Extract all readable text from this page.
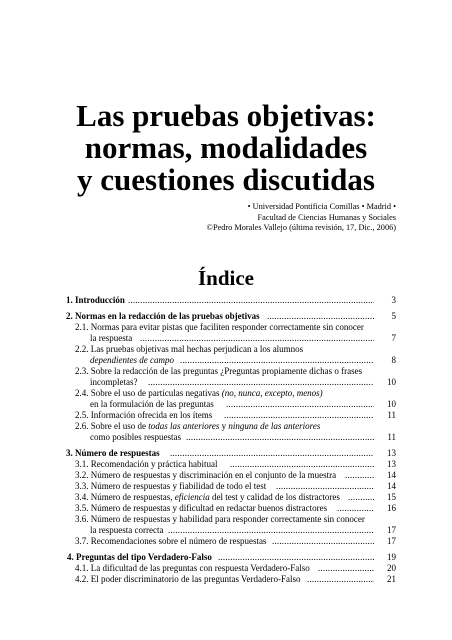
Las pruebas objetivas:
normas, modalidades
y cuestiones discutidas
• Universidad Pontificia Comillas • Madrid •
Facultad de Ciencias Humanas y Sociales
©Pedro Morales Vallejo (última revisión, 17, Dic., 2006)
Índice
1. Introducción .....	3
2. Normas en la redacción de las pruebas objetivas .....	5
2.1. Normas para evitar pistas que faciliten responder correctamente sin conocer
la respuesta .....	7
2.2. Las pruebas objetivas mal hechas perjudican a los alumnos
dependientes de campo .....	8
2.3. Sobre la redacción de las preguntas ¿Preguntas propiamente dichas o frases
incompletas? .....	10
2.4. Sobre el uso de partículas negativas (no, nunca, excepto, menos)
en la formulación de las preguntas .....	10
2.5. Información ofrecida en los ítems .....	11
2.6. Sobre el uso de todas las anteriores y ninguna de las anteriores
como posibles respuestas .....	11
3. Número de respuestas .....	13
3.1. Recomendación y práctica habitual .....	13
3.2. Número de respuestas y discriminación en el conjunto de la muestra .....	14
3.3. Número de respuestas y fiabilidad de todo el test .....	14
3.4. Número de respuestas, eficiencia del test y calidad de los distractores .....	15
3.5. Número de respuestas y dificultad en redactar buenos distractores .....	16
3.6. Número de respuestas y habilidad para responder correctamente sin conocer
la respuesta correcta .....	17
3.7. Recomendaciones sobre el número de respuestas .....	17
4. Preguntas del tipo Verdadero-Falso .....	19
4.1. La dificultad de las preguntas con respuesta Verdadero-Falso .....	20
4.2. El poder discriminatorio de las preguntas Verdadero-Falso .....	21
